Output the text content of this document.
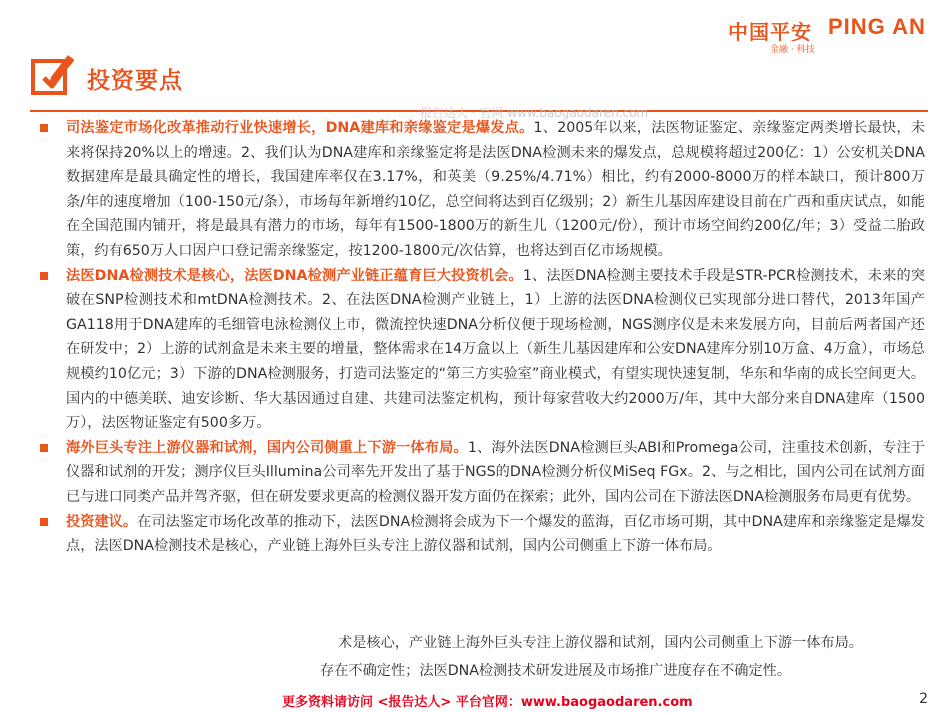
中国平安 PING AN
金融 · 科技
投资要点
司法鉴定市场化改革推动行业快速增长，DNA建库和亲缘鉴定是爆发点。1、2005年以来，法医物证鉴定、亲缘鉴定两类增长最快，未来将保持20%以上的增速。2、我们认为DNA建库和亲缘鉴定将是法医DNA检测未来的爆发点，总规模将超过200亿：1）公安机关DNA数据建库是最具确定性的增长，我国建库率仅在3.17%，和英美（9.25%/4.71%）相比，约有2000-8000万的样本缺口，预计800万条/年的速度增加（100-150元/条），市场每年新增约10亿，总空间将达到百亿级别；2）新生儿基因库建设目前在广西和重庆试点，如能在全国范围内铺开，将是最具有潜力的市场，每年有1500-1800万的新生儿（1200元/份），预计市场空间约200亿/年；3）受益二胎政策，约有650万人口因户口登记需亲缘鉴定，按1200-1800元/次估算，也将达到百亿市场规模。
法医DNA检测技术是核心，法医DNA检测产业链正蕴育巨大投资机会。1、法医DNA检测主要技术手段是STR-PCR检测技术，未来的突破在SNP检测技术和mtDNA检测技术。2、在法医DNA检测产业链上，1）上游的法医DNA检测仪已实现部分进口替代，2013年国产GA118用于DNA建库的毛细管电泳检测仪上市，微流控快速DNA分析仪便于现场检测，NGS测序仪是未来发展方向，目前后两者国产还在研发中；2）上游的试剂盒是未来主要的增量，整体需求在14万盒以上（新生儿基因建库和公安DNA建库分别10万盒、4万盒），市场总规模约10亿元；3）下游的DNA检测服务，打造司法鉴定的“第三方实验室”商业模式，有望实现快速复制，华东和华南的成长空间更大。国内的中德美联、迪安诊断、华大基因通过自建、共建司法鉴定机构，预计每家营收大约2000万/年，其中大部分来自DNA建库（1500万），法医物证鉴定有500多万。
海外巨头专注上游仪器和试剂，国内公司侧重上下游一体布局。1、海外法医DNA检测巨头ABI和Promega公司，注重技术创新，专注于仪器和试剂的开发；测序仪巨头Illumina公司率先开发出了基于NGS的DNA检测分析仪MiSeq FGx。2、与之相比，国内公司在试剂方面已与进口同类产品并驾齐驱，但在研发要求更高的检测仪器开发方面仍在探索；此外，国内公司在下游法医DNA检测服务布局更有优势。
投资建议。在司法鉴定市场化改革的推动下，法医DNA检测将会成为下一个爆发的蓝海，百亿市场可期，其中DNA建库和亲缘鉴定是爆发点，法医DNA检测技术是核心，产业链上海外巨头专注上游仪器和试剂，国内公司侧重上下游一体布局。
报告达人 · 官网 www.baogaodaren.com
术是核心，产业链上海外巨头专注上游仪器和试剂，国内公司侧重上下游一体布局。
存在不确定性；法医DNA检测技术研发进展及市场推广进度存在不确定性。
更多资料请访问 <报告达人> 平台官网：www.baogaodaren.com	2
